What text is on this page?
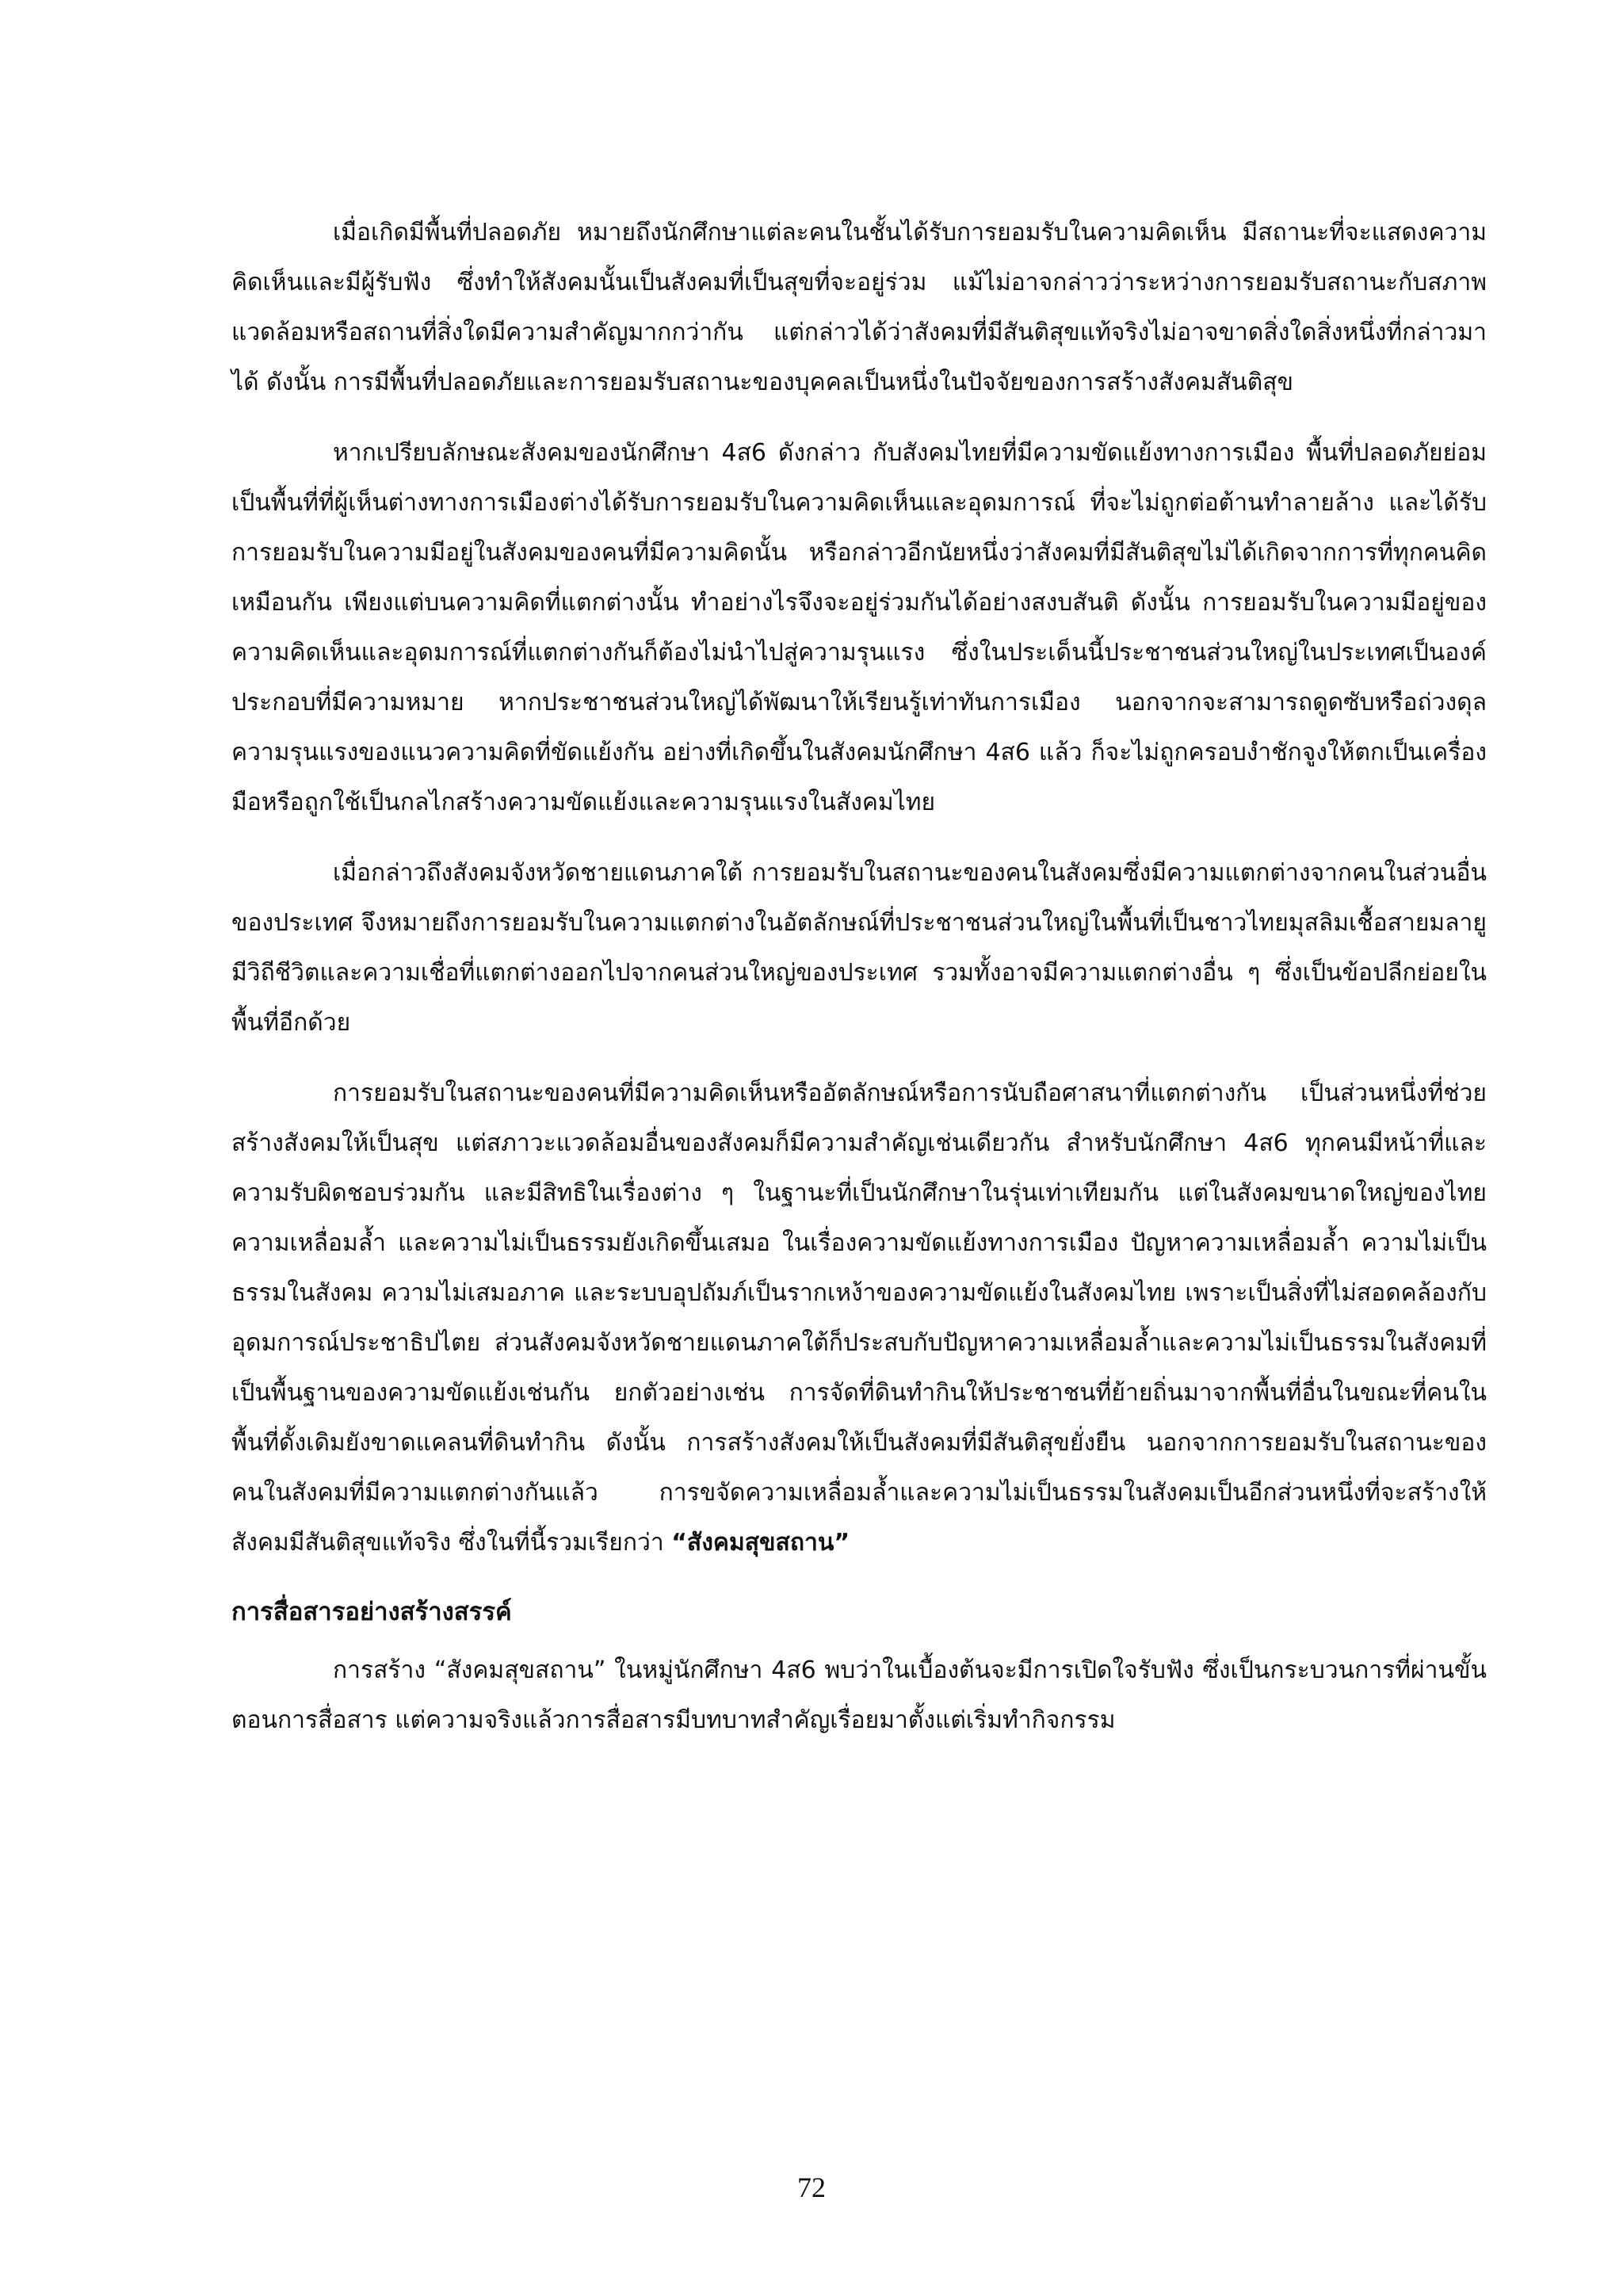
เมื่อเกิดมีพื้นที่ปลอดภัย หมายถึงนักศึกษาแต่ละคนในชั้นได้รับการยอมรับในความคิดเห็น มีสถานะที่จะแสดงความคิดเห็นและมีผู้รับฟัง ซึ่งทำให้สังคมนั้นเป็นสังคมที่เป็นสุขที่จะอยู่ร่วม แม้ไม่อาจกล่าวว่าระหว่างการยอมรับสถานะกับสภาพแวดล้อมหรือสถานที่สิ่งใดมีความสำคัญมากกว่ากัน แต่กล่าวได้ว่าสังคมที่มีสันติสุขแท้จริงไม่อาจขาดสิ่งใดสิ่งหนึ่งที่กล่าวมาได้ ดังนั้น การมีพื้นที่ปลอดภัยและการยอมรับสถานะของบุคคลเป็นหนึ่งในปัจจัยของการสร้างสังคมสันติสุข

หากเปรียบลักษณะสังคมของนักศึกษา 4ส6 ดังกล่าว กับสังคมไทยที่มีความขัดแย้งทางการเมือง พื้นที่ปลอดภัยย่อมเป็นพื้นที่ที่ผู้เห็นต่างทางการเมืองต่างได้รับการยอมรับในความคิดเห็นและอุดมการณ์ ที่จะไม่ถูกต่อต้านทำลายล้าง และได้รับการยอมรับในความมีอยู่ในสังคมของคนที่มีความคิดนั้น หรือกล่าวอีกนัยหนึ่งว่าสังคมที่มีสันติสุขไม่ได้เกิดจากการที่ทุกคนคิดเหมือนกัน เพียงแต่บนความคิดที่แตกต่างนั้น ทำอย่างไรจึงจะอยู่ร่วมกันได้อย่างสงบสันติ ดังนั้น การยอมรับในความมีอยู่ของความคิดเห็นและอุดมการณ์ที่แตกต่างกันก็ต้องไม่นำไปสู่ความรุนแรง ซึ่งในประเด็นนี้ประชาชนส่วนใหญ่ในประเทศเป็นองค์ประกอบที่มีความหมาย หากประชาชนส่วนใหญ่ได้พัฒนาให้เรียนรู้เท่าทันการเมือง นอกจากจะสามารถดูดซับหรือถ่วงดุลความรุนแรงของแนวความคิดที่ขัดแย้งกัน อย่างที่เกิดขึ้นในสังคมนักศึกษา 4ส6 แล้ว ก็จะไม่ถูกครอบงำชักจูงให้ตกเป็นเครื่องมือหรือถูกใช้เป็นกลไกสร้างความขัดแย้งและความรุนแรงในสังคมไทย

เมื่อกล่าวถึงสังคมจังหวัดชายแดนภาคใต้ การยอมรับในสถานะของคนในสังคมซึ่งมีความแตกต่างจากคนในส่วนอื่นของประเทศ จึงหมายถึงการยอมรับในความแตกต่างในอัตลักษณ์ที่ประชาชนส่วนใหญ่ในพื้นที่เป็นชาวไทยมุสลิมเชื้อสายมลายู มีวิถีชีวิตและความเชื่อที่แตกต่างออกไปจากคนส่วนใหญ่ของประเทศ รวมทั้งอาจมีความแตกต่างอื่น ๆ ซึ่งเป็นข้อปลีกย่อยในพื้นที่อีกด้วย

การยอมรับในสถานะของคนที่มีความคิดเห็นหรืออัตลักษณ์หรือการนับถือศาสนาที่แตกต่างกัน เป็นส่วนหนึ่งที่ช่วยสร้างสังคมให้เป็นสุข แต่สภาวะแวดล้อมอื่นของสังคมก็มีความสำคัญเช่นเดียวกัน สำหรับนักศึกษา 4ส6 ทุกคนมีหน้าที่และความรับผิดชอบร่วมกัน และมีสิทธิในเรื่องต่าง ๆ ในฐานะที่เป็นนักศึกษาในรุ่นเท่าเทียมกัน แต่ในสังคมขนาดใหญ่ของไทย ความเหลื่อมล้ำ และความไม่เป็นธรรมยังเกิดขึ้นเสมอ ในเรื่องความขัดแย้งทางการเมือง ปัญหาความเหลื่อมล้ำ ความไม่เป็นธรรมในสังคม ความไม่เสมอภาค และระบบอุปถัมภ์เป็นรากเหง้าของความขัดแย้งในสังคมไทย เพราะเป็นสิ่งที่ไม่สอดคล้องกับอุดมการณ์ประชาธิปไตย ส่วนสังคมจังหวัดชายแดนภาคใต้ก็ประสบกับปัญหาความเหลื่อมล้ำและความไม่เป็นธรรมในสังคมที่เป็นพื้นฐานของความขัดแย้งเช่นกัน ยกตัวอย่างเช่น การจัดที่ดินทำกินให้ประชาชนที่ย้ายถิ่นมาจากพื้นที่อื่นในขณะที่คนในพื้นที่ดั้งเดิมยังขาดแคลนที่ดินทำกิน ดังนั้น การสร้างสังคมให้เป็นสังคมที่มีสันติสุขยั่งยืน นอกจากการยอมรับในสถานะของคนในสังคมที่มีความแตกต่างกันแล้ว การขจัดความเหลื่อมล้ำและความไม่เป็นธรรมในสังคมเป็นอีกส่วนหนึ่งที่จะสร้างให้สังคมมีสันติสุขแท้จริง ซึ่งในที่นี้รวมเรียกว่า “สังคมสุขสถาน”

การสื่อสารอย่างสร้างสรรค์

การสร้าง “สังคมสุขสถาน” ในหมู่นักศึกษา 4ส6 พบว่าในเบื้องต้นจะมีการเปิดใจรับฟัง ซึ่งเป็นกระบวนการที่ผ่านขั้นตอนการสื่อสาร แต่ความจริงแล้วการสื่อสารมีบทบาทสำคัญเรื่อยมาตั้งแต่เริ่มทำกิจกรรม

72
